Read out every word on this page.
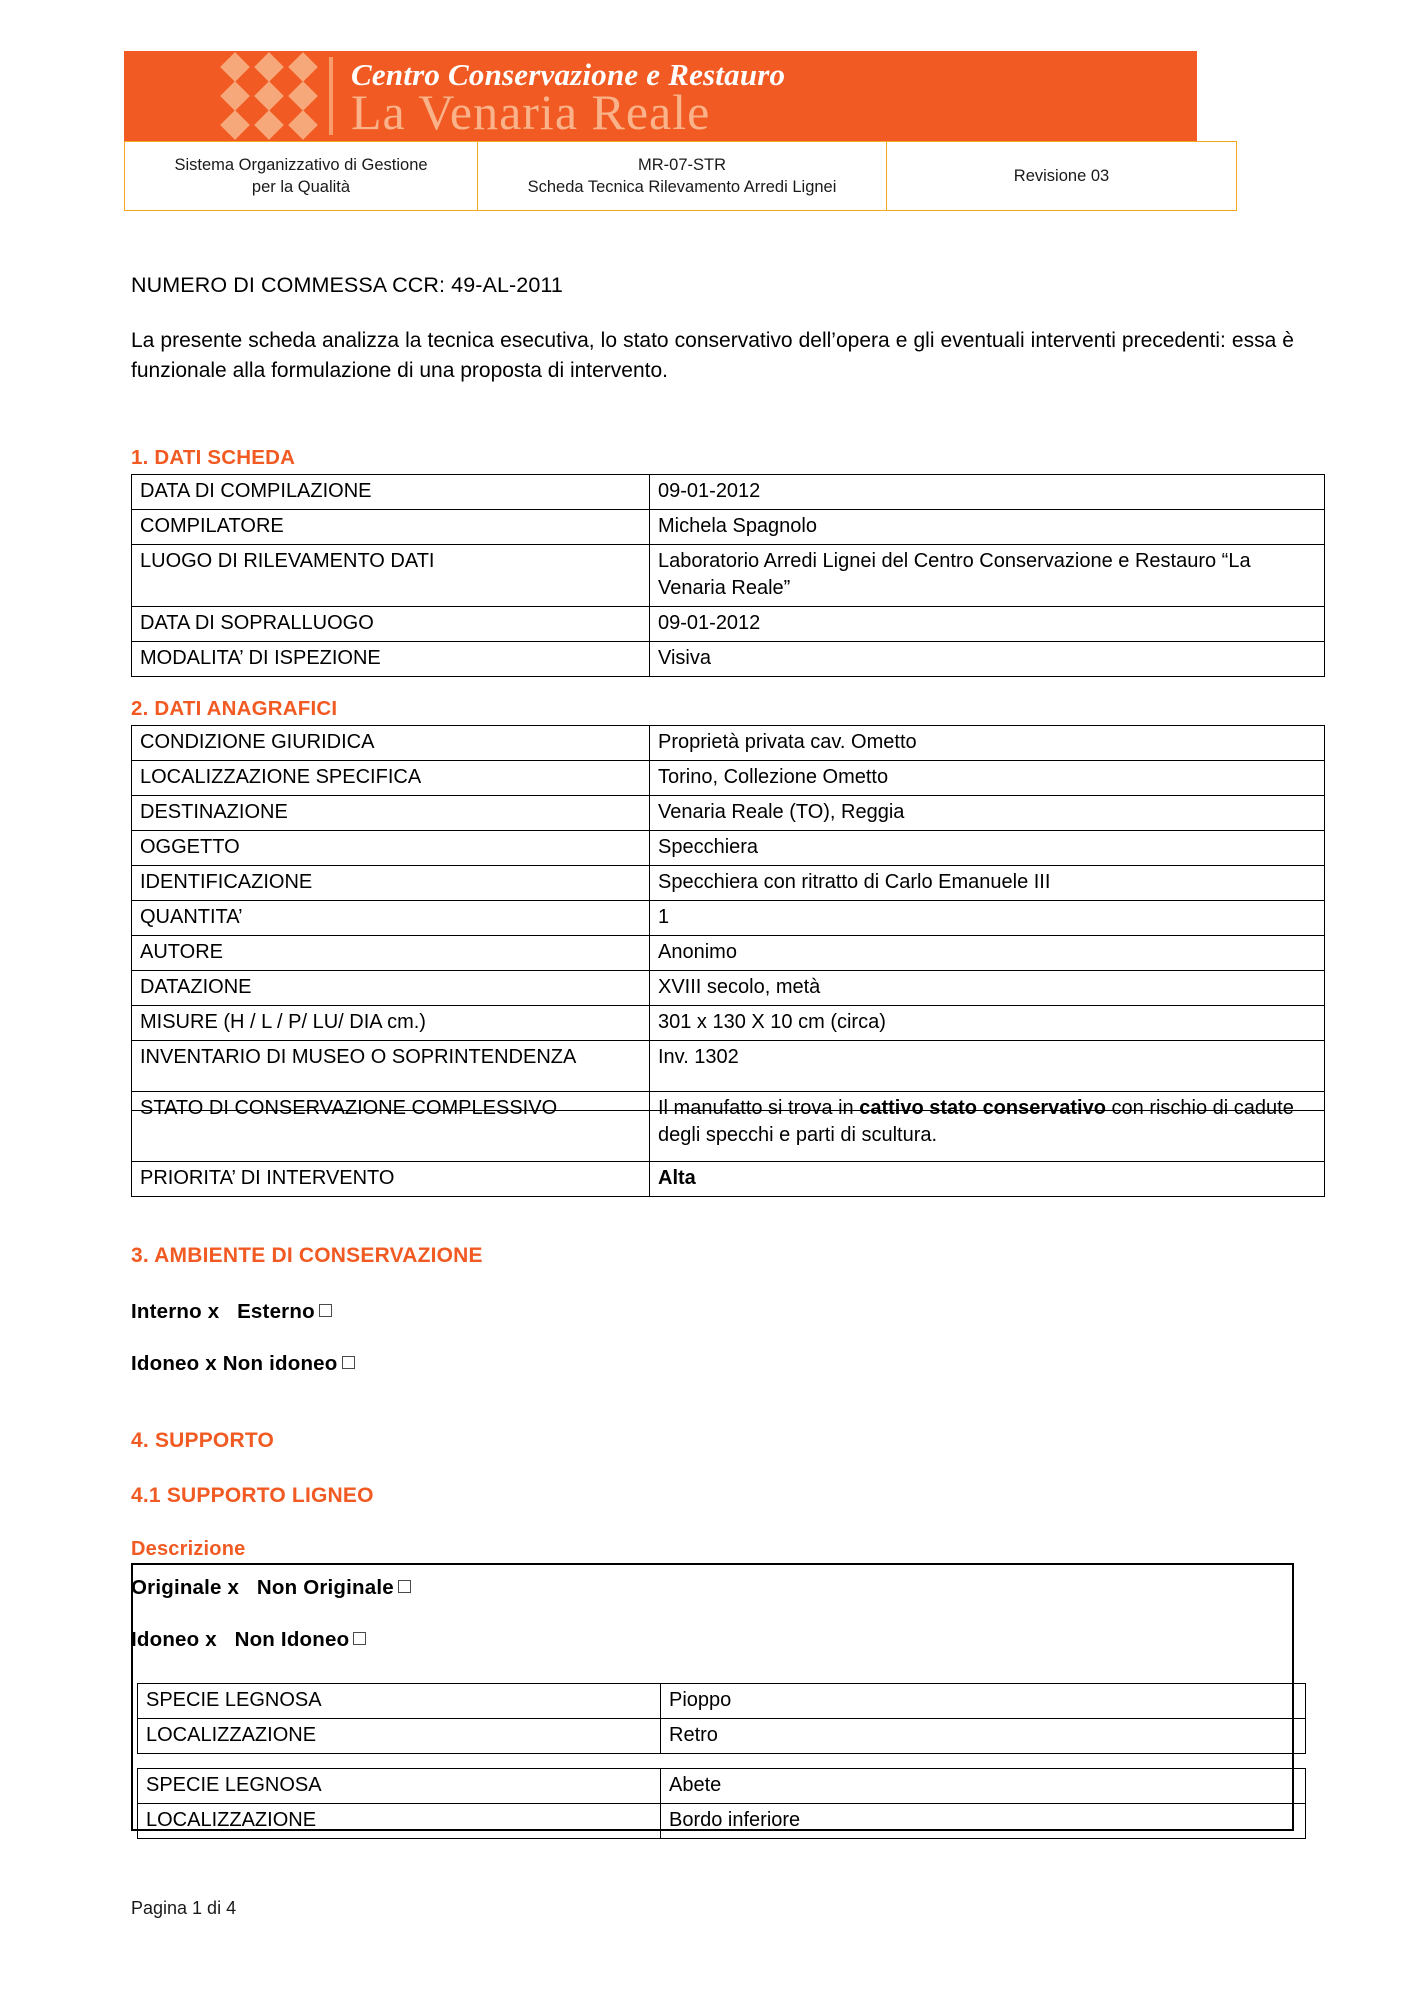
Centro Conservazione e Restauro
La Venaria Reale
Sistema Organizzativo di Gestione
per la Qualità

MR-07-STR
Scheda Tecnica Rilevamento Arredi Lignei
	Revisione 03
NUMERO DI COMMESSA CCR: 49-AL-2011
La presente scheda analizza la tecnica esecutiva, lo stato conservativo dell’opera e gli eventuali interventi precedenti: essa è funzionale alla formulazione di una proposta di intervento.
1. DATI SCHEDA
DATA DI COMPILAZIONE	09-01-2012
COMPILATORE	Michela Spagnolo
LUOGO DI RILEVAMENTO DATI	Laboratorio Arredi Lignei del Centro Conservazione e Restauro “La Venaria Reale”
DATA DI SOPRALLUOGO	09-01-2012
MODALITA’ DI ISPEZIONE	Visiva
2. DATI ANAGRAFICI
CONDIZIONE GIURIDICA	Proprietà privata cav. Ometto
LOCALIZZAZIONE SPECIFICA	Torino, Collezione Ometto
DESTINAZIONE	Venaria Reale (TO), Reggia
OGGETTO	Specchiera
IDENTIFICAZIONE	Specchiera con ritratto di Carlo Emanuele III
QUANTITA’	1
AUTORE	Anonimo
DATAZIONE	XVIII secolo, metà
MISURE (H / L / P/ LU/ DIA cm.)	301 x 130 X 10 cm (circa)
INVENTARIO DI MUSEO O SOPRINTENDENZA	Inv. 1302
STATO DI CONSERVAZIONE COMPLESSIVO	Il manufatto si trova in cattivo stato conservativo con rischio di cadute degli specchi e parti di scultura.
PRIORITA’ DI INTERVENTO	Alta
3. AMBIENTE DI CONSERVAZIONE
Interno x Esterno
Idoneo x Non idoneo
4. SUPPORTO
4.1 SUPPORTO LIGNEO
Descrizione
Originale x Non Originale
Idoneo x Non Idoneo
SPECIE LEGNOSA	Pioppo
LOCALIZZAZIONE	Retro
SPECIE LEGNOSA	Abete
LOCALIZZAZIONE	Bordo inferiore
Pagina 1 di 4
